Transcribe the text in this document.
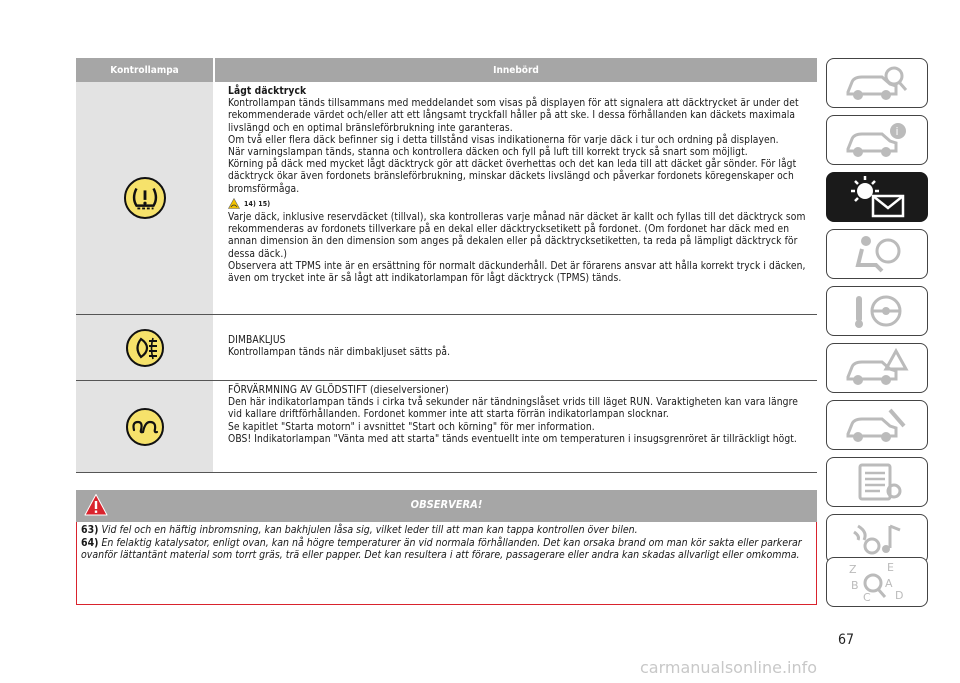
Kontrollampa	Innebörd

Lågt däcktryck

Kontrollampan tänds tillsammans med meddelandet som visas på displayen för att signalera att däcktrycket är under det rekommenderade värdet och/eller att ett långsamt tryckfall håller på att ske. I dessa förhållanden kan däckets maximala livslängd och en optimal bränsleförbrukning inte garanteras.

Om två eller flera däck befinner sig i detta tillstånd visas indikationerna för varje däck i tur och ordning på displayen.

När varningslampan tänds, stanna och kontrollera däcken och fyll på luft till korrekt tryck så snart som möjligt.

Körning på däck med mycket lågt däcktryck gör att däcket överhettas och det kan leda till att däcket går sönder. För lågt däcktryck ökar även fordonets bränsleförbrukning, minskar däckets livslängd och påverkar fordonets köregenskaper och bromsförmåga.

14) 15)

Varje däck, inklusive reservdäcket (tillval), ska kontrolleras varje månad när däcket är kallt och fyllas till det däcktryck som rekommenderas av fordonets tillverkare på en dekal eller däcktrycksetikett på fordonet. (Om fordonet har däck med en annan dimension än den dimension som anges på dekalen eller på däcktrycksetiketten, ta reda på lämpligt däcktryck för dessa däck.)

Observera att TPMS inte är en ersättning för normalt däckunderhåll. Det är förarens ansvar att hålla korrekt tryck i däcken, även om trycket inte är så lågt att indikatorlampan för lågt däcktryck (TPMS) tänds.

DIMBAKLJUS

Kontrollampan tänds när dimbakljuset sätts på.

FÖRVÄRMNING AV GLÖDSTIFT (dieselversioner)

Den här indikatorlampan tänds i cirka två sekunder när tändningslåset vrids till läget RUN. Varaktigheten kan vara längre vid kallare driftförhållanden. Fordonet kommer inte att starta förrän indikatorlampan slocknar.

Se kapitlet "Starta motorn" i avsnittet "Start och körning" för mer information.

OBS! Indikatorlampan "Vänta med att starta" tänds eventuellt inte om temperaturen i insugsgrenröret är tillräckligt högt.

OBSERVERA!

63) Vid fel och en häftig inbromsning, kan bakhjulen låsa sig, vilket leder till att man kan tappa kontrollen över bilen.

64) En felaktig katalysator, enligt ovan, kan nå högre temperaturer än vid normala förhållanden. Det kan orsaka brand om man kör sakta eller parkerar ovanför lättantänt material som torrt gräs, trä eller papper. Det kan resultera i att förare, passagerare eller andra kan skadas allvarligt eller omkomma.

i
Z	E
B A
C D
67
carmanualsonline.info
